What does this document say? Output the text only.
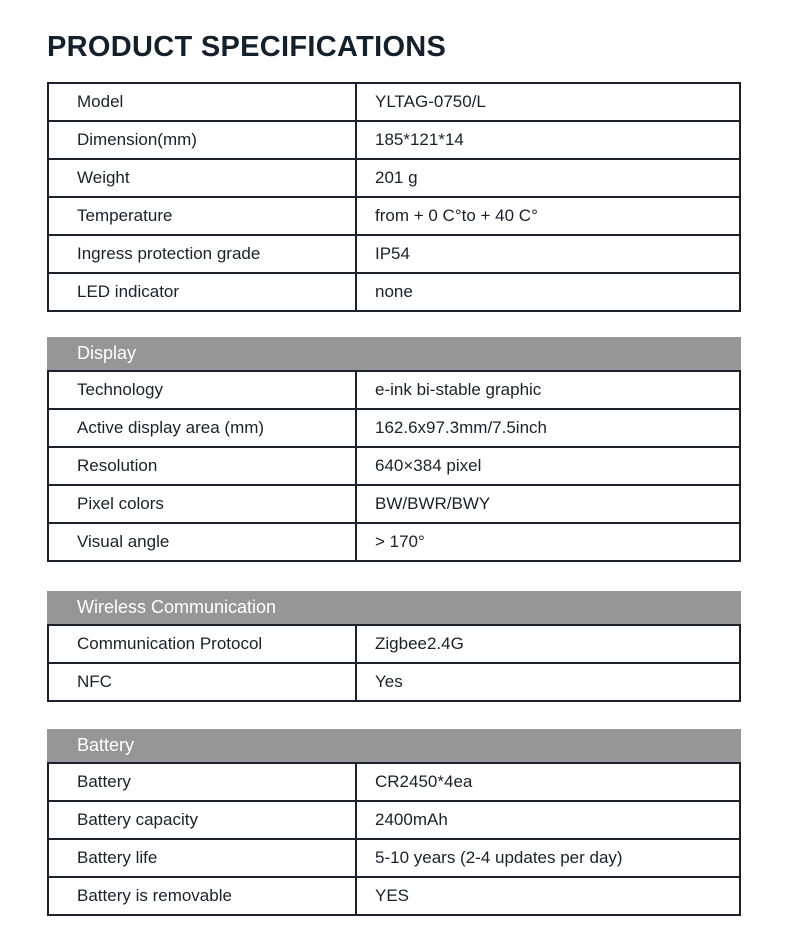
PRODUCT SPECIFICATIONS
Model	YLTAG-0750/L
Dimension(mm)	185*121*14
Weight	201 g
Temperature	from + 0 C°to + 40 C°
Ingress protection grade	IP54
LED indicator	none
Display
Technology	e-ink bi-stable graphic
Active display area (mm)	162.6x97.3mm/7.5inch
Resolution	640×384 pixel
Pixel colors	BW/BWR/BWY
Visual angle	> 170°
Wireless Communication
Communication Protocol	Zigbee2.4G
NFC	Yes
Battery
Battery	CR2450*4ea
Battery capacity	2400mAh
Battery life	5-10 years (2-4 updates per day)
Battery is removable	YES
